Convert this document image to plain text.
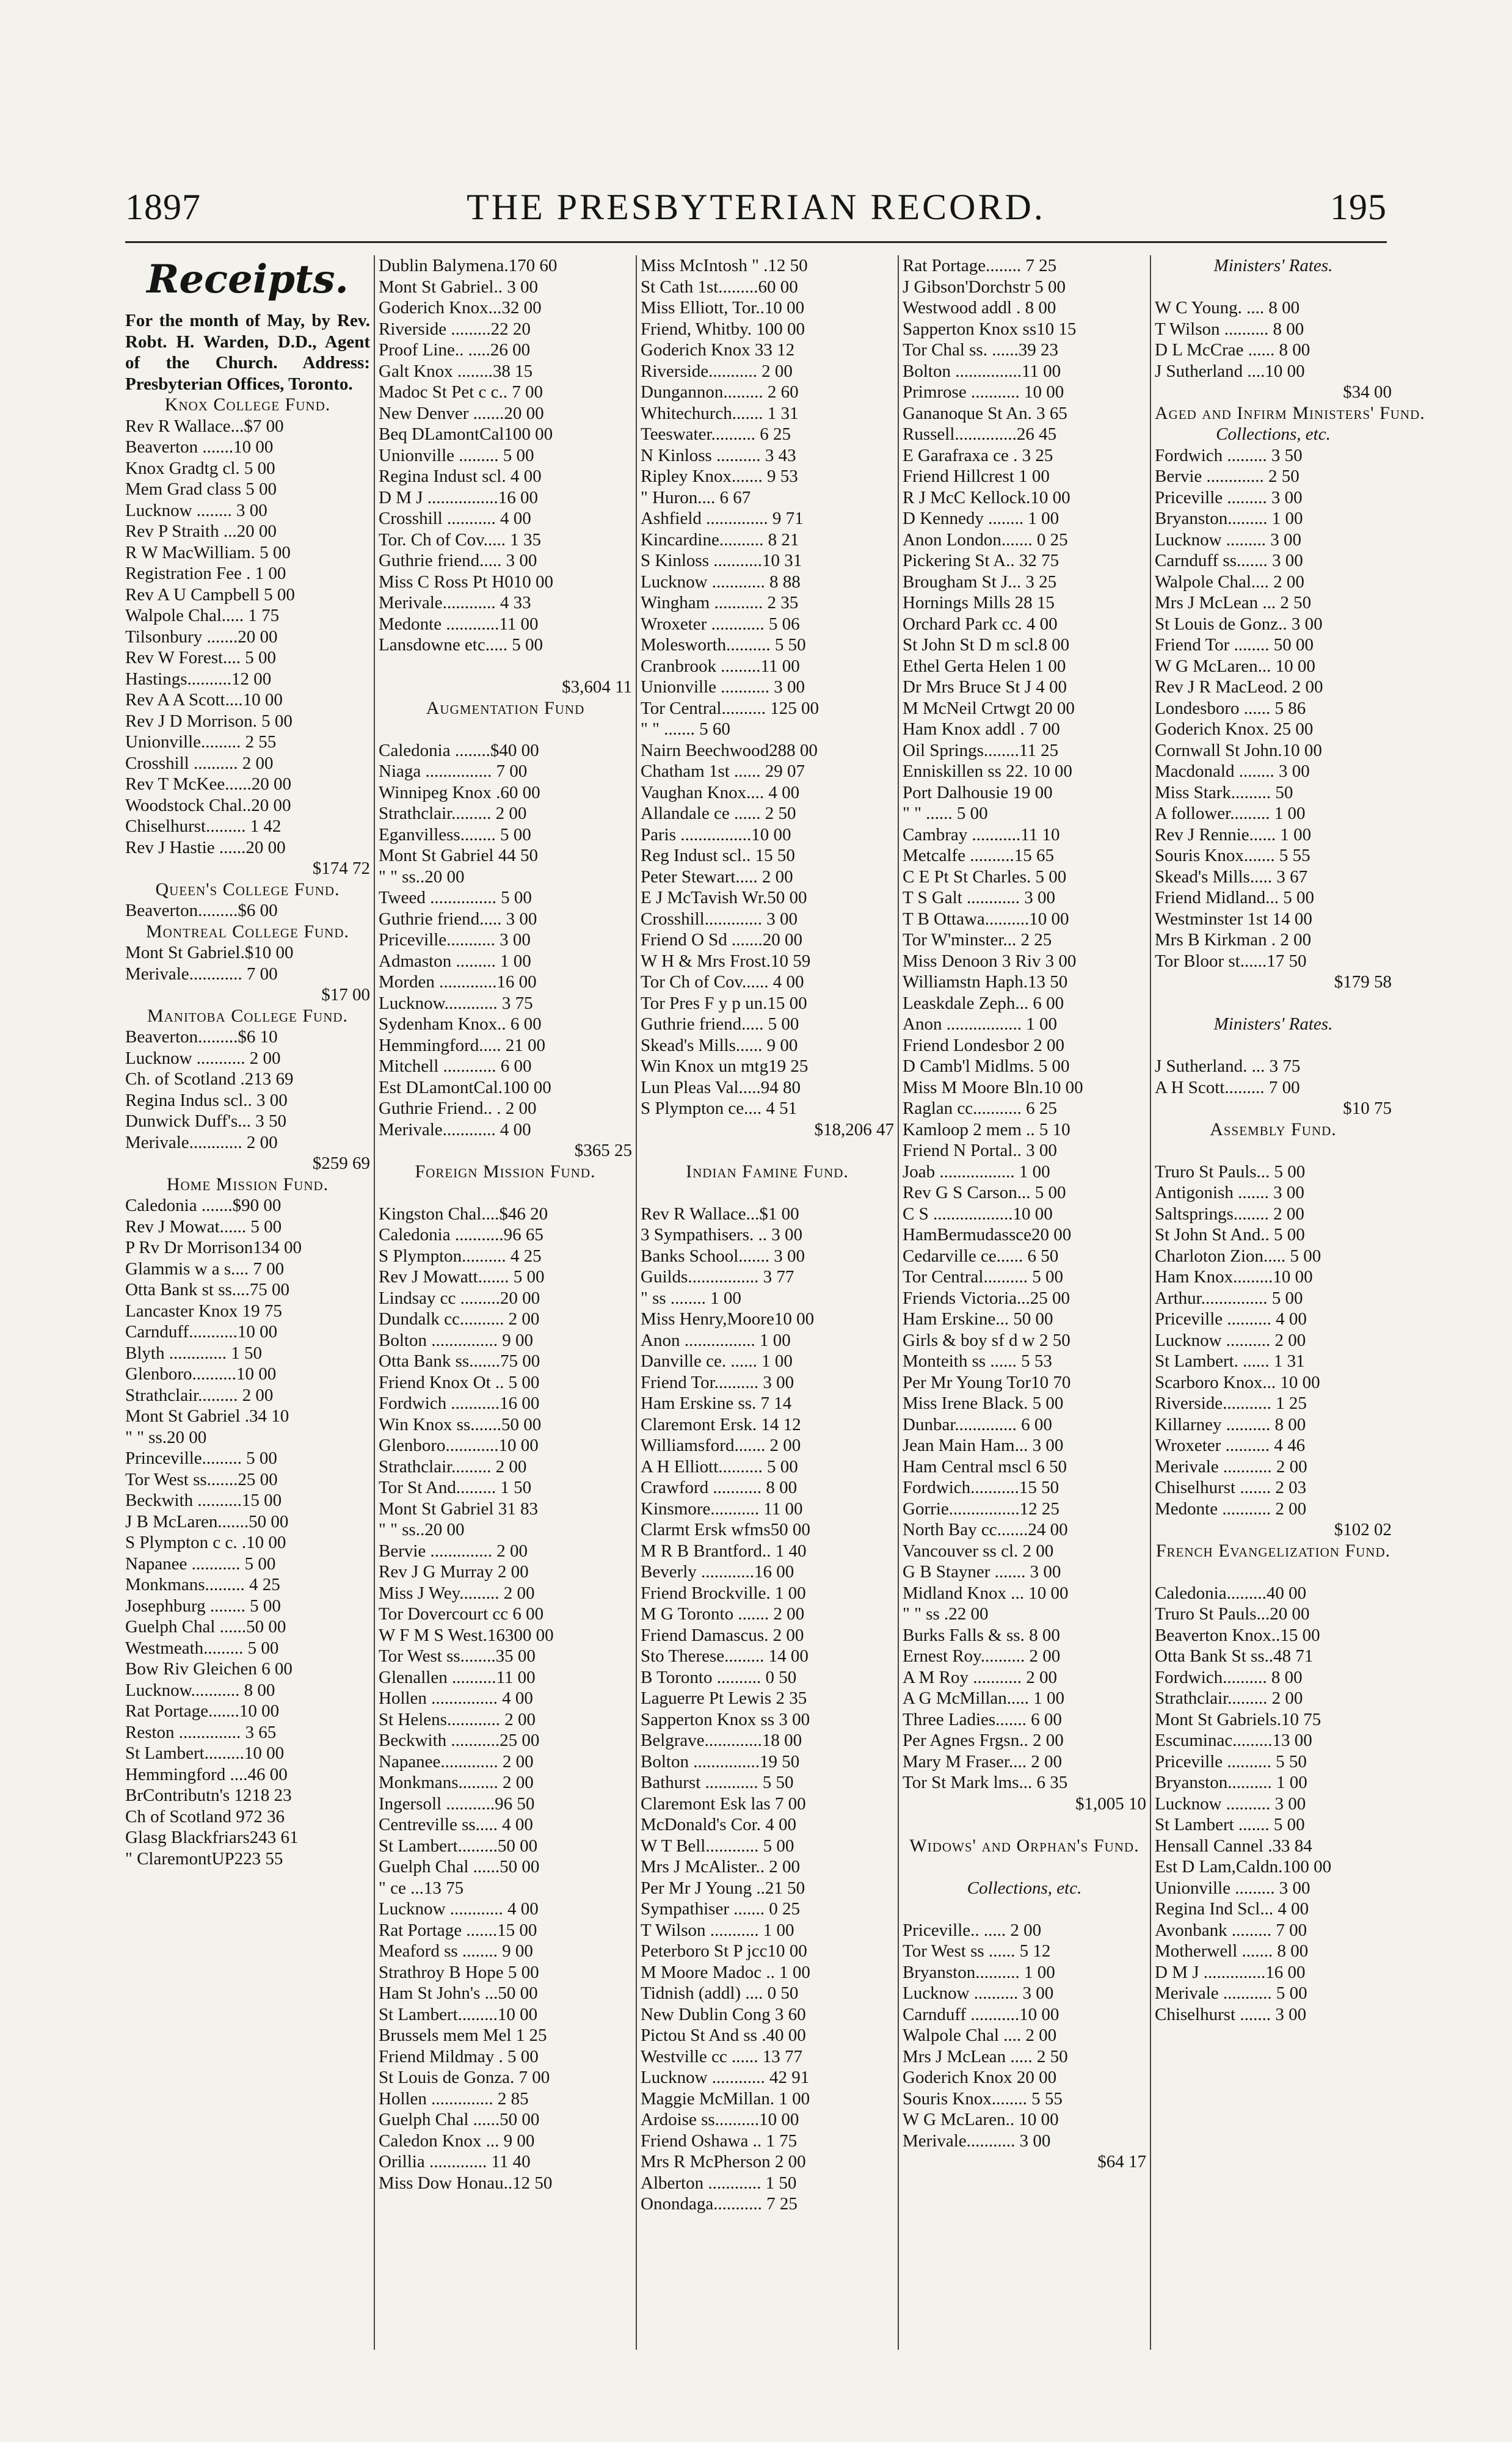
1897	THE PRESBYTERIAN RECORD.	195
Receipts.
For the month of May, by Rev. Robt. H. Warden, D.D., Agent of the Church. Address: Presbyterian Offices, Toronto.
Knox College Fund.
Rev R Wallace...$7 00
Beaverton .......10 00
Knox Gradtg cl. 5 00
Mem Grad class 5 00
Lucknow ........ 3 00
Rev P Straith ...20 00
R W MacWilliam. 5 00
Registration Fee . 1 00
Rev A U Campbell 5 00
Walpole Chal..... 1 75
Tilsonbury .......20 00
Rev W Forest.... 5 00
Hastings..........12 00
Rev A A Scott....10 00
Rev J D Morrison. 5 00
Unionville......... 2 55
Crosshill .......... 2 00
Rev T McKee......20 00
Woodstock Chal..20 00
Chiselhurst......... 1 42
Rev J Hastie ......20 00
$174 72
Queen's College Fund.
Beaverton.........$6 00
Montreal College Fund.
Mont St Gabriel.$10 00
Merivale............ 7 00
$17 00
Manitoba College Fund.
Beaverton.........$6 10
Lucknow ........... 2 00
Ch. of Scotland .213 69
Regina Indus scl.. 3 00
Dunwick Duff's... 3 50
Merivale............ 2 00
$259 69
Home Mission Fund.
Caledonia .......$90 00
Rev J Mowat...... 5 00
P Rv Dr Morrison134 00
Glammis w a s.... 7 00
Otta Bank st ss....75 00
Lancaster Knox 19 75
Carnduff...........10 00
Blyth ............. 1 50
Glenboro..........10 00
Strathclair......... 2 00
Mont St Gabriel .34 10
" " ss.20 00
Princeville......... 5 00
Tor West ss.......25 00
Beckwith ..........15 00
J B McLaren.......50 00
S Plympton c c. .10 00
Napanee ........... 5 00
Monkmans......... 4 25
Josephburg ........ 5 00
Guelph Chal ......50 00
Westmeath......... 5 00
Bow Riv Gleichen 6 00
Lucknow........... 8 00
Rat Portage.......10 00
Reston .............. 3 65
St Lambert.........10 00
Hemmingford ....46 00
BrContributn's 1218 23
Ch of Scotland 972 36
Glasg Blackfriars243 61
" ClaremontUP223 55
Dublin Balymena.170 60
Mont St Gabriel.. 3 00
Goderich Knox...32 00
Riverside .........22 20
Proof Line.. .....26 00
Galt Knox ........38 15
Madoc St Pet c c.. 7 00
New Denver .......20 00
Beq DLamontCal100 00
Unionville ......... 5 00
Regina Indust scl. 4 00
D M J ................16 00
Crosshill ........... 4 00
Tor. Ch of Cov..... 1 35
Guthrie friend..... 3 00
Miss C Ross Pt H010 00
Merivale............ 4 33
Medonte ............11 00
Lansdowne etc..... 5 00
$3,604 11
Augmentation Fund
Caledonia ........$40 00
Niaga ............... 7 00
Winnipeg Knox .60 00
Strathclair......... 2 00
Eganvilless........ 5 00
Mont St Gabriel 44 50
" " ss..20 00
Tweed ............... 5 00
Guthrie friend..... 3 00
Priceville........... 3 00
Admaston ......... 1 00
Morden .............16 00
Lucknow............ 3 75
Sydenham Knox.. 6 00
Hemmingford..... 21 00
Mitchell ............ 6 00
Est DLamontCal.100 00
Guthrie Friend.. . 2 00
Merivale............ 4 00
$365 25
Foreign Mission Fund.
Kingston Chal....$46 20
Caledonia ...........96 65
S Plympton.......... 4 25
Rev J Mowatt....... 5 00
Lindsay cc .........20 00
Dundalk cc.......... 2 00
Bolton ............... 9 00
Otta Bank ss.......75 00
Friend Knox Ot .. 5 00
Fordwich ...........16 00
Win Knox ss.......50 00
Glenboro............10 00
Strathclair......... 2 00
Tor St And......... 1 50
Mont St Gabriel 31 83
" " ss..20 00
Bervie .............. 2 00
Rev J G Murray 2 00
Miss J Wey......... 2 00
Tor Dovercourt cc 6 00
W F M S West.16300 00
Tor West ss........35 00
Glenallen ..........11 00
Hollen ............... 4 00
St Helens............ 2 00
Beckwith ...........25 00
Napanee............. 2 00
Monkmans......... 2 00
Ingersoll ...........96 50
Centreville ss..... 4 00
St Lambert.........50 00
Guelph Chal ......50 00
" ce ...13 75
Lucknow ............ 4 00
Rat Portage .......15 00
Meaford ss ........ 9 00
Strathroy B Hope 5 00
Ham St John's ...50 00
St Lambert.........10 00
Brussels mem Mel 1 25
Friend Mildmay . 5 00
St Louis de Gonza. 7 00
Hollen .............. 2 85
Guelph Chal ......50 00
Caledon Knox ... 9 00
Orillia ............. 11 40
Miss Dow Honau..12 50
Miss McIntosh " .12 50
St Cath 1st.........60 00
Miss Elliott, Tor..10 00
Friend, Whitby. 100 00
Goderich Knox 33 12
Riverside........... 2 00
Dungannon......... 2 60
Whitechurch....... 1 31
Teeswater.......... 6 25
N Kinloss .......... 3 43
Ripley Knox....... 9 53
" Huron.... 6 67
Ashfield .............. 9 71
Kincardine.......... 8 21
S Kinloss ...........10 31
Lucknow ............ 8 88
Wingham ........... 2 35
Wroxeter ............ 5 06
Molesworth.......... 5 50
Cranbrook .........11 00
Unionville ........... 3 00
Tor Central.......... 125 00
" " ....... 5 60
Nairn Beechwood288 00
Chatham 1st ...... 29 07
Vaughan Knox.... 4 00
Allandale ce ...... 2 50
Paris ................10 00
Reg Indust scl.. 15 50
Peter Stewart..... 2 00
E J McTavish Wr.50 00
Crosshill............. 3 00
Friend O Sd .......20 00
W H & Mrs Frost.10 59
Tor Ch of Cov...... 4 00
Tor Pres F y p un.15 00
Guthrie friend..... 5 00
Skead's Mills...... 9 00
Win Knox un mtg19 25
Lun Pleas Val.....94 80
S Plympton ce.... 4 51
$18,206 47
Indian Famine Fund.
Rev R Wallace...$1 00
3 Sympathisers. .. 3 00
Banks School....... 3 00
Guilds................ 3 77
" ss ........ 1 00
Miss Henry,Moore10 00
Anon ................ 1 00
Danville ce. ...... 1 00
Friend Tor.......... 3 00
Ham Erskine ss. 7 14
Claremont Ersk. 14 12
Williamsford....... 2 00
A H Elliott.......... 5 00
Crawford ........... 8 00
Kinsmore........... 11 00
Clarmt Ersk wfms50 00
M R B Brantford.. 1 40
Beverly ............16 00
Friend Brockville. 1 00
M G Toronto ....... 2 00
Friend Damascus. 2 00
Sto Therese......... 14 00
B Toronto .......... 0 50
Laguerre Pt Lewis 2 35
Sapperton Knox ss 3 00
Belgrave.............18 00
Bolton ...............19 50
Bathurst ............ 5 50
Claremont Esk las 7 00
McDonald's Cor. 4 00
W T Bell............ 5 00
Mrs J McAlister.. 2 00
Per Mr J Young ..21 50
Sympathiser ....... 0 25
T Wilson ........... 1 00
Peterboro St P jcc10 00
M Moore Madoc .. 1 00
Tidnish (addl) .... 0 50
New Dublin Cong 3 60
Pictou St And ss .40 00
Westville cc ...... 13 77
Lucknow ............ 42 91
Maggie McMillan. 1 00
Ardoise ss..........10 00
Friend Oshawa .. 1 75
Mrs R McPherson 2 00
Alberton ............ 1 50
Onondaga........... 7 25
Rat Portage........ 7 25
J Gibson'Dorchstr 5 00
Westwood addl . 8 00
Sapperton Knox ss10 15
Tor Chal ss. ......39 23
Bolton ...............11 00
Primrose ........... 10 00
Gananoque St An. 3 65
Russell..............26 45
E Garafraxa ce . 3 25
Friend Hillcrest 1 00
R J McC Kellock.10 00
D Kennedy ........ 1 00
Anon London....... 0 25
Pickering St A.. 32 75
Brougham St J... 3 25
Hornings Mills 28 15
Orchard Park cc. 4 00
St John St D m scl.8 00
Ethel Gerta Helen 1 00
Dr Mrs Bruce St J 4 00
M McNeil Crtwgt 20 00
Ham Knox addl . 7 00
Oil Springs........11 25
Enniskillen ss 22. 10 00
Port Dalhousie 19 00
" " ...... 5 00
Cambray ...........11 10
Metcalfe ..........15 65
C E Pt St Charles. 5 00
T S Galt ............ 3 00
T B Ottawa..........10 00
Tor W'minster... 2 25
Miss Denoon 3 Riv 3 00
Williamstn Haph.13 50
Leaskdale Zeph... 6 00
Anon ................. 1 00
Friend Londesbor 2 00
D Camb'l Midlms. 5 00
Miss M Moore Bln.10 00
Raglan cc........... 6 25
Kamloop 2 mem .. 5 10
Friend N Portal.. 3 00
Joab ................. 1 00
Rev G S Carson... 5 00
C S ..................10 00
HamBermudassce20 00
Cedarville ce...... 6 50
Tor Central.......... 5 00
Friends Victoria...25 00
Ham Erskine... 50 00
Girls & boy sf d w 2 50
Monteith ss ...... 5 53
Per Mr Young Tor10 70
Miss Irene Black. 5 00
Dunbar.............. 6 00
Jean Main Ham... 3 00
Ham Central mscl 6 50
Fordwich...........15 50
Gorrie................12 25
North Bay cc.......24 00
Vancouver ss cl. 2 00
G B Stayner ....... 3 00
Midland Knox ... 10 00
" " ss .22 00
Burks Falls & ss. 8 00
Ernest Roy.......... 2 00
A M Roy ........... 2 00
A G McMillan..... 1 00
Three Ladies....... 6 00
Per Agnes Frgsn.. 2 00
Mary M Fraser.... 2 00
Tor St Mark lms... 6 35
$1,005 10
Widows' and Orphan's Fund.
Collections, etc.
Priceville.. ..... 2 00
Tor West ss ...... 5 12
Bryanston.......... 1 00
Lucknow .......... 3 00
Carnduff ...........10 00
Walpole Chal .... 2 00
Mrs J McLean ..... 2 50
Goderich Knox 20 00
Souris Knox........ 5 55
W G McLaren.. 10 00
Merivale........... 3 00
$64 17
Ministers' Rates.
W C Young. .... 8 00
T Wilson .......... 8 00
D L McCrae ...... 8 00
J Sutherland ....10 00
$34 00
Aged and Infirm Ministers' Fund.
Collections, etc.
Fordwich ......... 3 50
Bervie ............. 2 50
Priceville ......... 3 00
Bryanston......... 1 00
Lucknow ......... 3 00
Carnduff ss....... 3 00
Walpole Chal.... 2 00
Mrs J McLean ... 2 50
St Louis de Gonz.. 3 00
Friend Tor ........ 50 00
W G McLaren... 10 00
Rev J R MacLeod. 2 00
Londesboro ...... 5 86
Goderich Knox. 25 00
Cornwall St John.10 00
Macdonald ........ 3 00
Miss Stark......... 50
A follower......... 1 00
Rev J Rennie...... 1 00
Souris Knox....... 5 55
Skead's Mills..... 3 67
Friend Midland... 5 00
Westminster 1st 14 00
Mrs B Kirkman . 2 00
Tor Bloor st......17 50
$179 58
Ministers' Rates.
J Sutherland. ... 3 75
A H Scott......... 7 00
$10 75
Assembly Fund.
Truro St Pauls... 5 00
Antigonish ....... 3 00
Saltsprings........ 2 00
St John St And.. 5 00
Charloton Zion..... 5 00
Ham Knox.........10 00
Arthur............... 5 00
Priceville .......... 4 00
Lucknow .......... 2 00
St Lambert. ...... 1 31
Scarboro Knox... 10 00
Riverside........... 1 25
Killarney .......... 8 00
Wroxeter .......... 4 46
Merivale ........... 2 00
Chiselhurst ....... 2 03
Medonte ........... 2 00
$102 02
French Evangelization Fund.
Caledonia.........40 00
Truro St Pauls...20 00
Beaverton Knox..15 00
Otta Bank St ss..48 71
Fordwich.......... 8 00
Strathclair......... 2 00
Mont St Gabriels.10 75
Escuminac.........13 00
Priceville .......... 5 50
Bryanston.......... 1 00
Lucknow .......... 3 00
St Lambert ....... 5 00
Hensall Cannel .33 84
Est D Lam,Caldn.100 00
Unionville ......... 3 00
Reginа Ind Scl... 4 00
Avonbank ......... 7 00
Motherwell ....... 8 00
D M J ..............16 00
Merivale ........... 5 00
Chiselhurst ....... 3 00
